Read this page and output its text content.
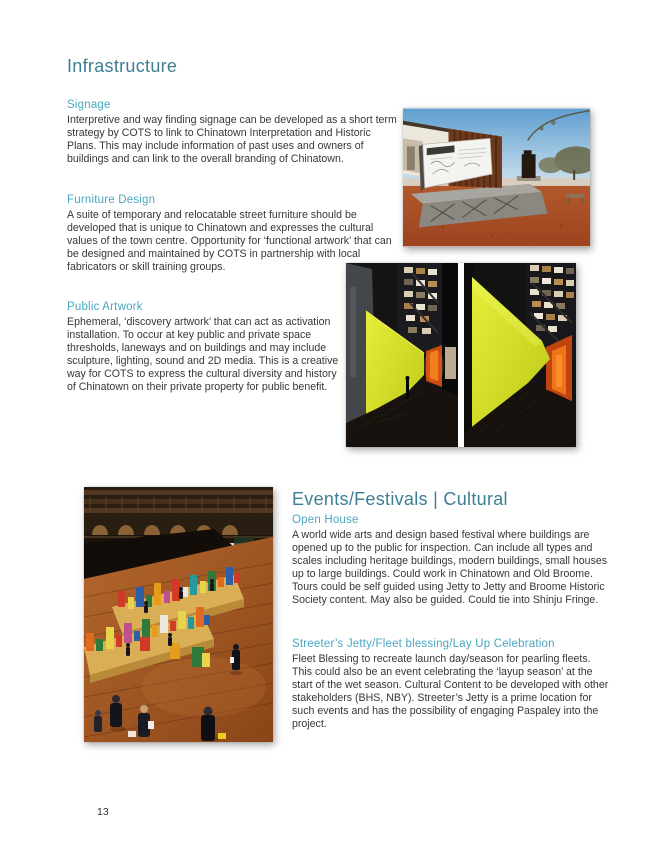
Infrastructure
Signage

Interpretive and way finding signage can be developed as a short term strategy by COTS to link to Chinatown Interpretation and Historic Plans. This may include information of past uses and owners of buildings and can link to the overall branding of Chinatown.

Furniture Design

A suite of temporary and relocatable street furniture should be developed that is unique to Chinatown and expresses the cultural values of the town centre. Opportunity for ‘functional artwork’ that can be designed and maintained by COTS in partnership with local fabricators or skill training groups.

Public Artwork

Ephemeral, ‘discovery artwork’ that can act as activation installation. To occur at key public and private space thresholds, laneways and on buildings and may include sculpture, lighting, sound and 2D media. This is a creative way for COTS to express the cultural diversity and history of Chinatown on their private property for public benefit.

Events/Festivals | Cultural
Open House

A world wide arts and design based festival where buildings are opened up to the public for inspection. Can include all types and scales including heritage buildings, modern buildings, small houses up to large buildings. Could work in Chinatown and Old Broome. Tours could be self guided using Jetty to Jetty and Broome Historic Society content. May also be guided. Could tie into Shinju Fringe.

Streeter’s Jetty/Fleet blessing/Lay Up Celebration

Fleet Blessing to recreate launch day/season for pearling fleets. This could also be an event celebrating the ‘layup season’ at the start of the wet season. Cultural Content to be developed with other stakeholders (BHS, NBY). Streeter’s Jetty is a prime location for such events and has the possibility of engaging Paspaley into the project.

13
